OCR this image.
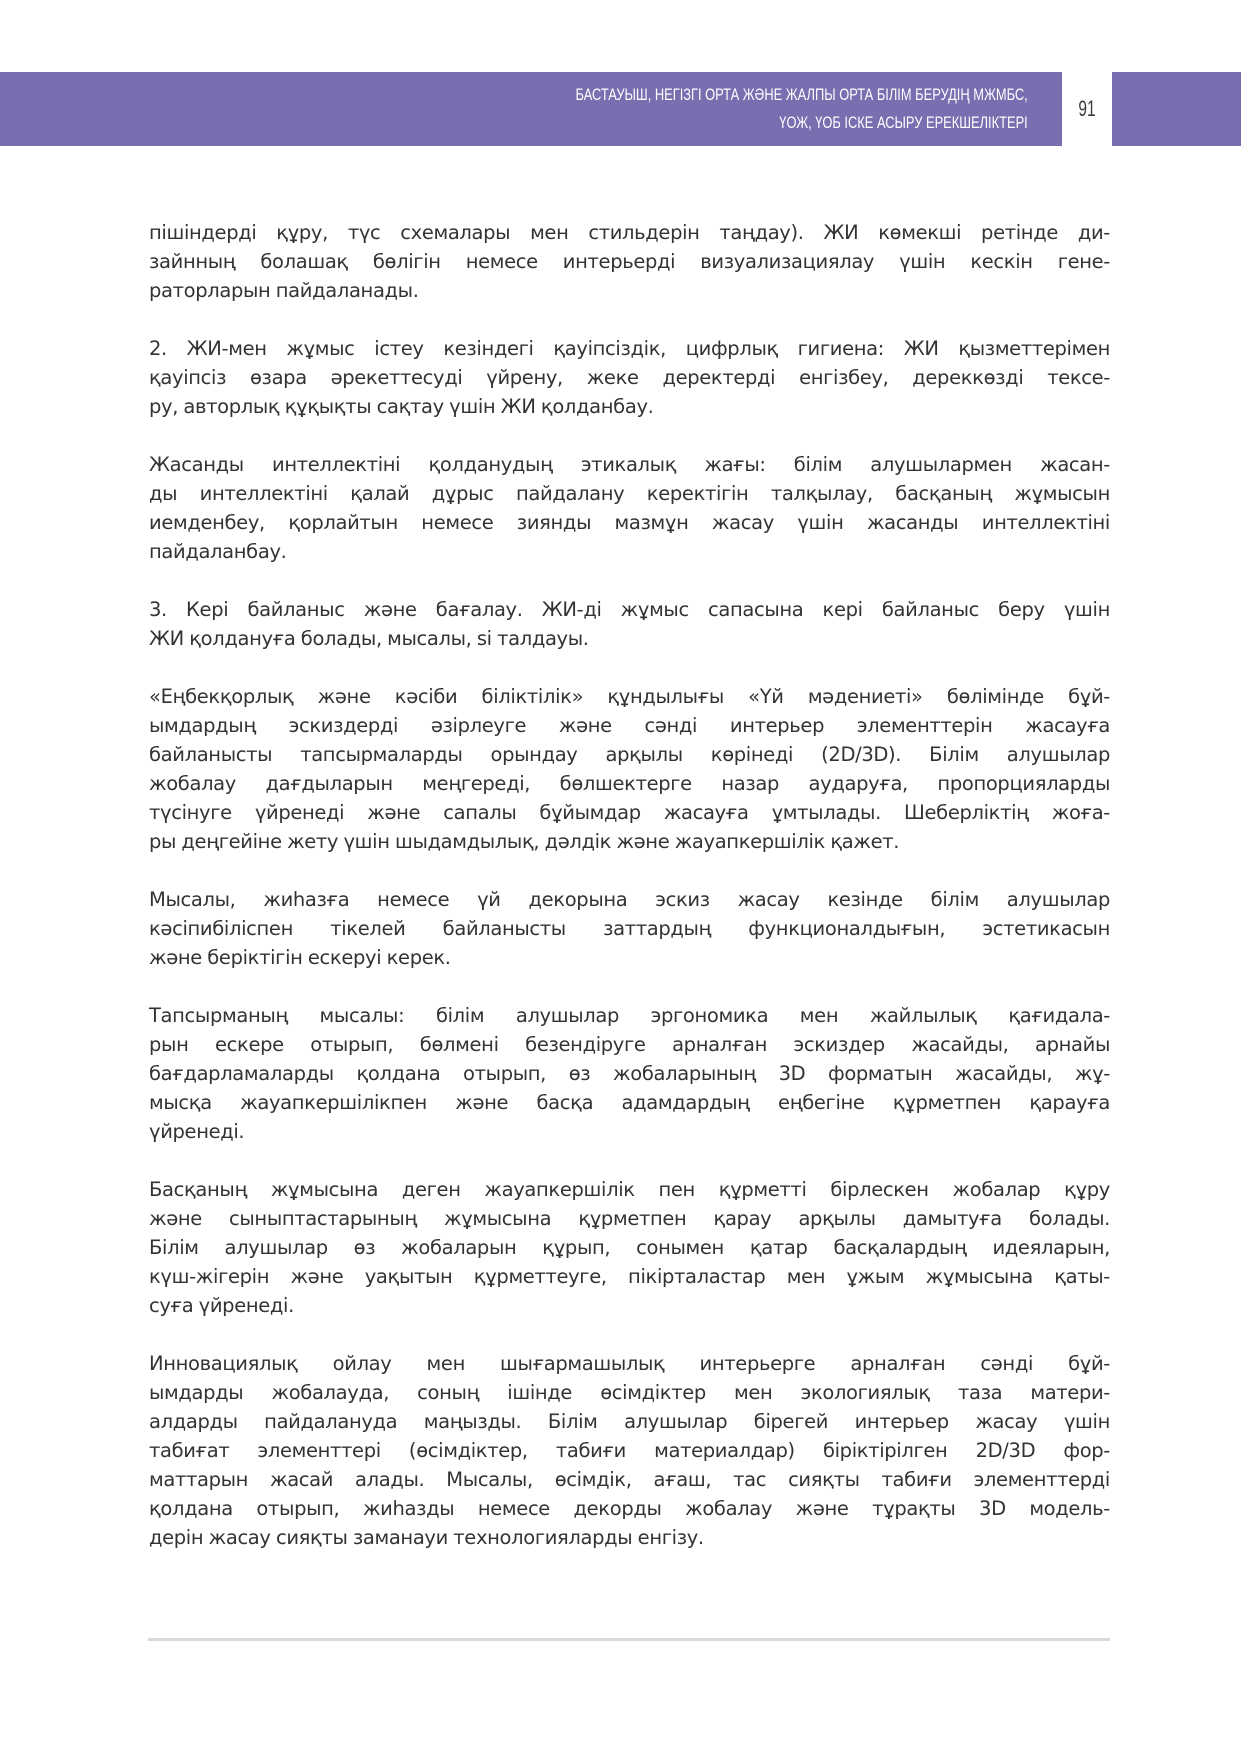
БАСТАУЫШ, НЕГІЗГІ ОРТА ЖӘНЕ ЖАЛПЫ ОРТА БІЛІМ БЕРУДІҢ МЖМБС,
ҮОЖ, ҮОБ ІСКЕ АСЫРУ ЕРЕКШЕЛІКТЕРІ
91
пішіндерді құру, түс схемалары мен стильдерін таңдау). ЖИ көмекші ретінде ди-
зайнның болашақ бөлігін немесе интерьерді визуализациялау үшін кескін гене-
раторларын пайдаланады.
2. ЖИ-мен жұмыс істеу кезіндегі қауіпсіздік, цифрлық гигиена: ЖИ қызметтерімен
қауіпсіз өзара әрекеттесуді үйрену, жеке деректерді енгізбеу, дереккөзді тексе-
ру, авторлық құқықты сақтау үшін ЖИ қолданбау.
Жасанды интеллектіні қолданудың этикалық жағы: білім алушылармен жасан-
ды интеллектіні қалай дұрыс пайдалану керектігін талқылау, басқаның жұмысын
иемденбеу, қорлайтын немесе зиянды мазмұн жасау үшін жасанды интеллектіні
пайдаланбау.
3. Кері байланыс және бағалау. ЖИ-ді жұмыс сапасына кері байланыс беру үшін
ЖИ қолдануға болады, мысалы, si талдауы.
«Еңбекқорлық және кәсіби біліктілік» құндылығы «Үй мәдениеті» бөлімінде бұй-
ымдардың эскиздерді әзірлеуге және сәнді интерьер элементтерін жасауға
байланысты тапсырмаларды орындау арқылы көрінеді (2D/3D). Білім алушылар
жобалау дағдыларын меңгереді, бөлшектерге назар аударуға, пропорцияларды
түсінуге үйренеді және сапалы бұйымдар жасауға ұмтылады. Шеберліктің жоға-
ры деңгейіне жету үшін шыдамдылық, дәлдік және жауапкершілік қажет.
Мысалы, жиһазға немесе үй декорына эскиз жасау кезінде білім алушылар
кәсіпибіліспен тікелей байланысты заттардың функционалдығын, эстетикасын
және беріктігін ескеруі керек.
Тапсырманың мысалы: білім алушылар эргономика мен жайлылық қағидала-
рын ескере отырып, бөлмені безендіруге арналған эскиздер жасайды, арнайы
бағдарламаларды қолдана отырып, өз жобаларының 3D форматын жасайды, жұ-
мысқа жауапкершілікпен және басқа адамдардың еңбегіне құрметпен қарауға
үйренеді.
Басқаның жұмысына деген жауапкершілік пен құрметті бірлескен жобалар құру
және сыныптастарының жұмысына құрметпен қарау арқылы дамытуға болады.
Білім алушылар өз жобаларын құрып, сонымен қатар басқалардың идеяларын,
күш-жігерін және уақытын құрметтеуге, пікірталастар мен ұжым жұмысына қаты-
суға үйренеді.
Инновациялық ойлау мен шығармашылық интерьерге арналған сәнді бұй-
ымдарды жобалауда, соның ішінде өсімдіктер мен экологиялық таза матери-
алдарды пайдалануда маңызды. Білім алушылар бірегей интерьер жасау үшін
табиғат элементтері (өсімдіктер, табиғи материалдар) біріктірілген 2D/3D фор-
маттарын жасай алады. Мысалы, өсімдік, ағаш, тас сияқты табиғи элементтерді
қолдана отырып, жиһазды немесе декорды жобалау және тұрақты 3D модель-
дерін жасау сияқты заманауи технологияларды енгізу.
